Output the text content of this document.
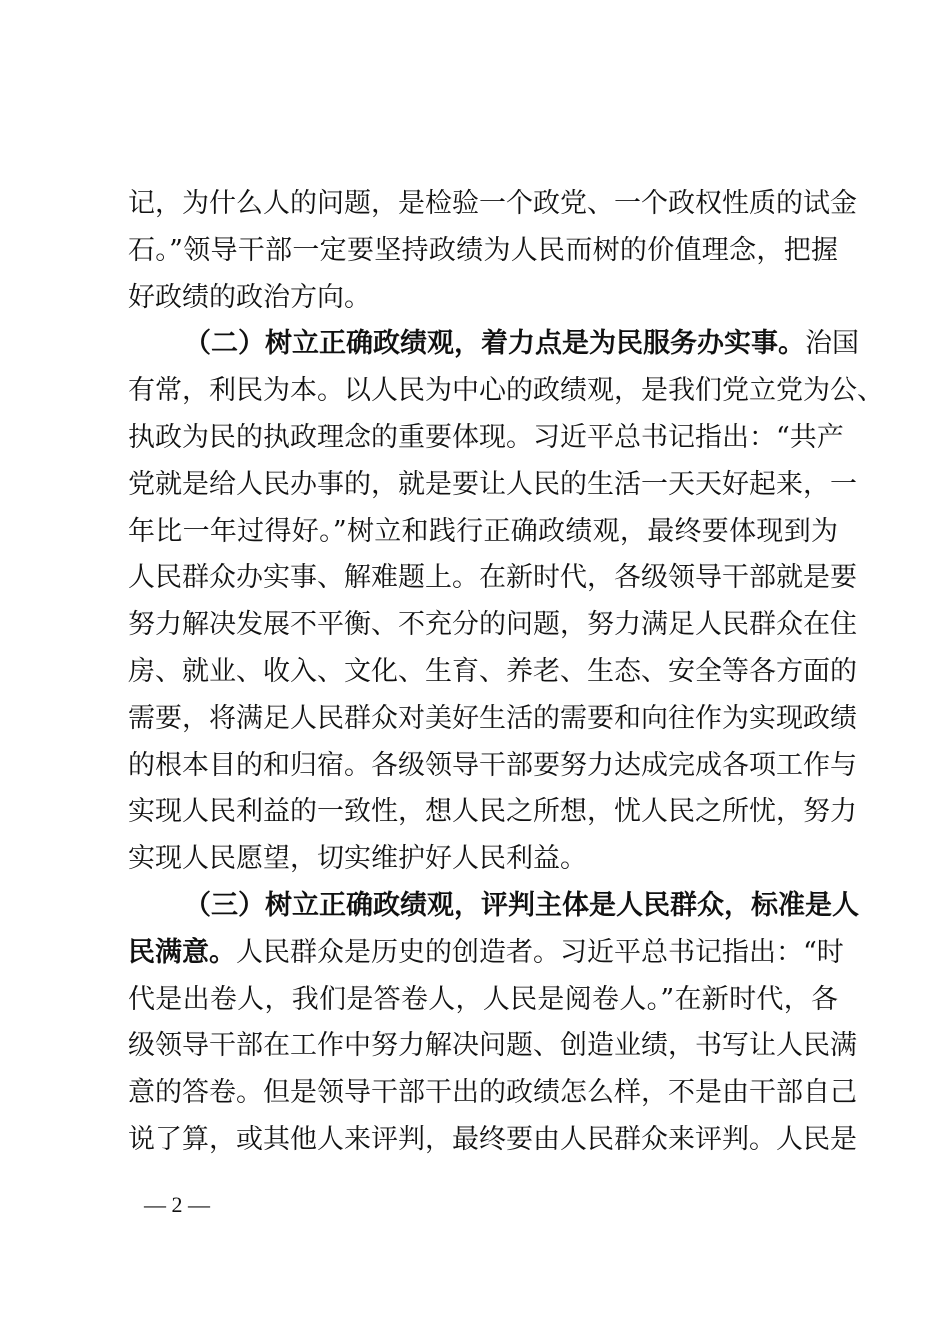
记，为什么人的问题，是检验一个政党、一个政权性质的试金
石。”领导干部一定要坚持政绩为人民而树的价值理念，把握
好政绩的政治方向。
（二）树立正确政绩观，着力点是为民服务办实事。治国
有常，利民为本。以人民为中心的政绩观，是我们党立党为公、
执政为民的执政理念的重要体现。习近平总书记指出：“共产
党就是给人民办事的，就是要让人民的生活一天天好起来，一
年比一年过得好。”树立和践行正确政绩观，最终要体现到为
人民群众办实事、解难题上。在新时代，各级领导干部就是要
努力解决发展不平衡、不充分的问题，努力满足人民群众在住
房、就业、收入、文化、生育、养老、生态、安全等各方面的
需要，将满足人民群众对美好生活的需要和向往作为实现政绩
的根本目的和归宿。各级领导干部要努力达成完成各项工作与
实现人民利益的一致性，想人民之所想，忧人民之所忧，努力
实现人民愿望，切实维护好人民利益。
（三）树立正确政绩观，评判主体是人民群众，标准是人
民满意。人民群众是历史的创造者。习近平总书记指出：“时
代是出卷人，我们是答卷人，人民是阅卷人。”在新时代，各
级领导干部在工作中努力解决问题、创造业绩，书写让人民满
意的答卷。但是领导干部干出的政绩怎么样，不是由干部自己
说了算，或其他人来评判，最终要由人民群众来评判。人民是
— 2 —
